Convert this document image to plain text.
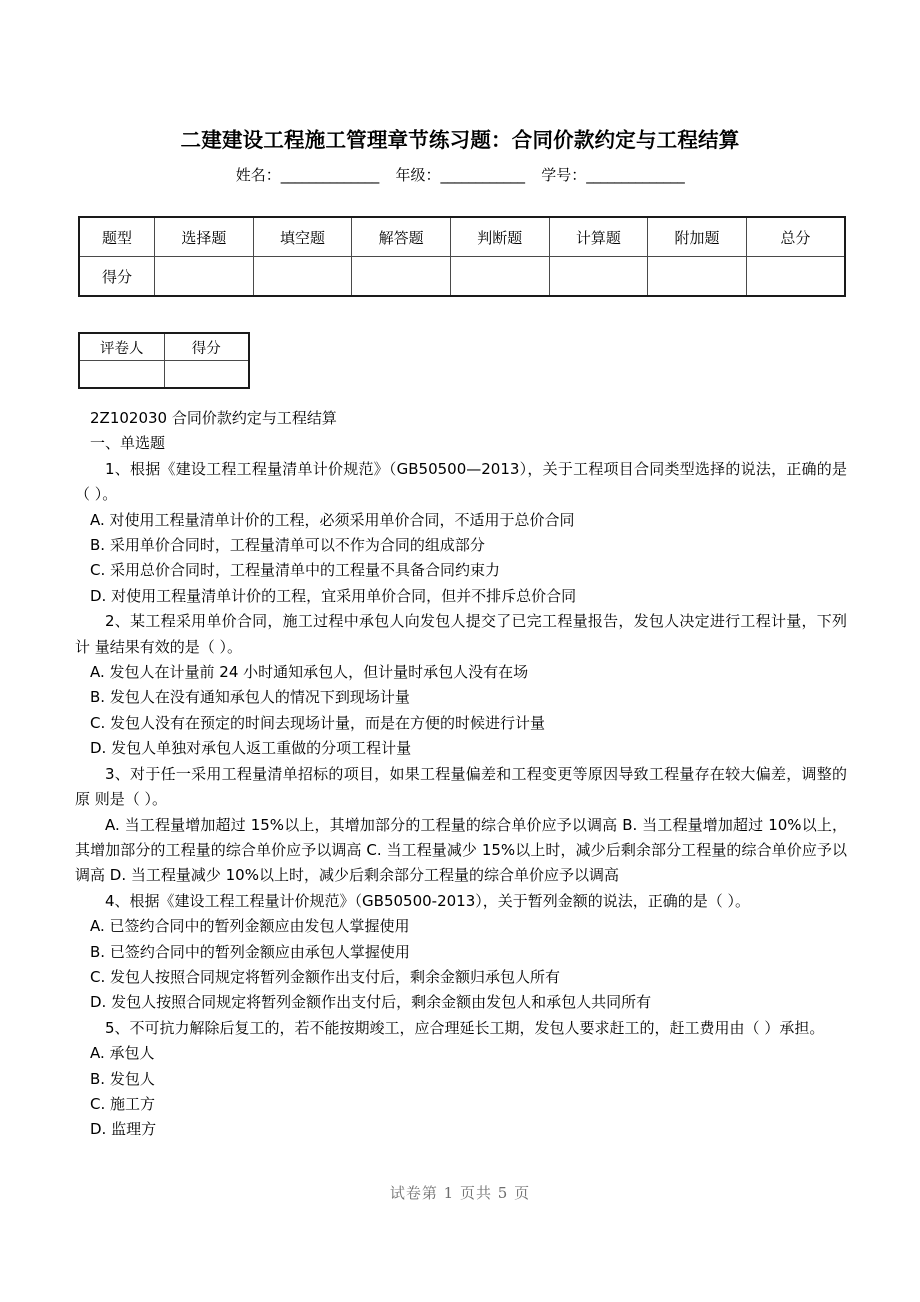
二建建设工程施工管理章节练习题：合同价款约定与工程结算
姓名：______________ 年级：____________ 学号：______________
题型	选择题	填空题	解答题	判断题	计算题	附加题	总分
得分							
评卷人	得分

2Z102030 合同价款约定与工程结算

一、单选题

1、根据《建设工程工程量清单计价规范》（GB50500—2013），关于工程项目合同类型选择的说法，正确的是（ ）。

A. 对使用工程量清单计价的工程，必须采用单价合同，不适用于总价合同

B. 采用单价合同时，工程量清单可以不作为合同的组成部分

C. 采用总价合同时，工程量清单中的工程量不具备合同约束力

D. 对使用工程量清单计价的工程，宜采用单价合同，但并不排斥总价合同

2、某工程采用单价合同，施工过程中承包人向发包人提交了已完工程量报告，发包人决定进行工程计量，下列计 量结果有效的是（ ）。

A. 发包人在计量前 24 小时通知承包人，但计量时承包人没有在场

B. 发包人在没有通知承包人的情况下到现场计量

C. 发包人没有在预定的时间去现场计量，而是在方便的时候进行计量

D. 发包人单独对承包人返工重做的分项工程计量

3、对于任一采用工程量清单招标的项目，如果工程量偏差和工程变更等原因导致工程量存在较大偏差，调整的原 则是（ ）。

A. 当工程量增加超过 15%以上，其增加部分的工程量的综合单价应予以调高 B. 当工程量增加超过 10%以上，其增加部分的工程量的综合单价应予以调高 C. 当工程量减少 15%以上时，减少后剩余部分工程量的综合单价应予以调高 D. 当工程量减少 10%以上时，减少后剩余部分工程量的综合单价应予以调高

4、根据《建设工程工程量计价规范》（GB50500-2013），关于暂列金额的说法，正确的是（ ）。

A. 已签约合同中的暂列金额应由发包人掌握使用

B. 已签约合同中的暂列金额应由承包人掌握使用

C. 发包人按照合同规定将暂列金额作出支付后，剩余金额归承包人所有

D. 发包人按照合同规定将暂列金额作出支付后，剩余金额由发包人和承包人共同所有

5、不可抗力解除后复工的，若不能按期竣工，应合理延长工期，发包人要求赶工的，赶工费用由（ ）承担。

A. 承包人

B. 发包人

C. 施工方

D. 监理方

试卷第 1 页共 5 页
